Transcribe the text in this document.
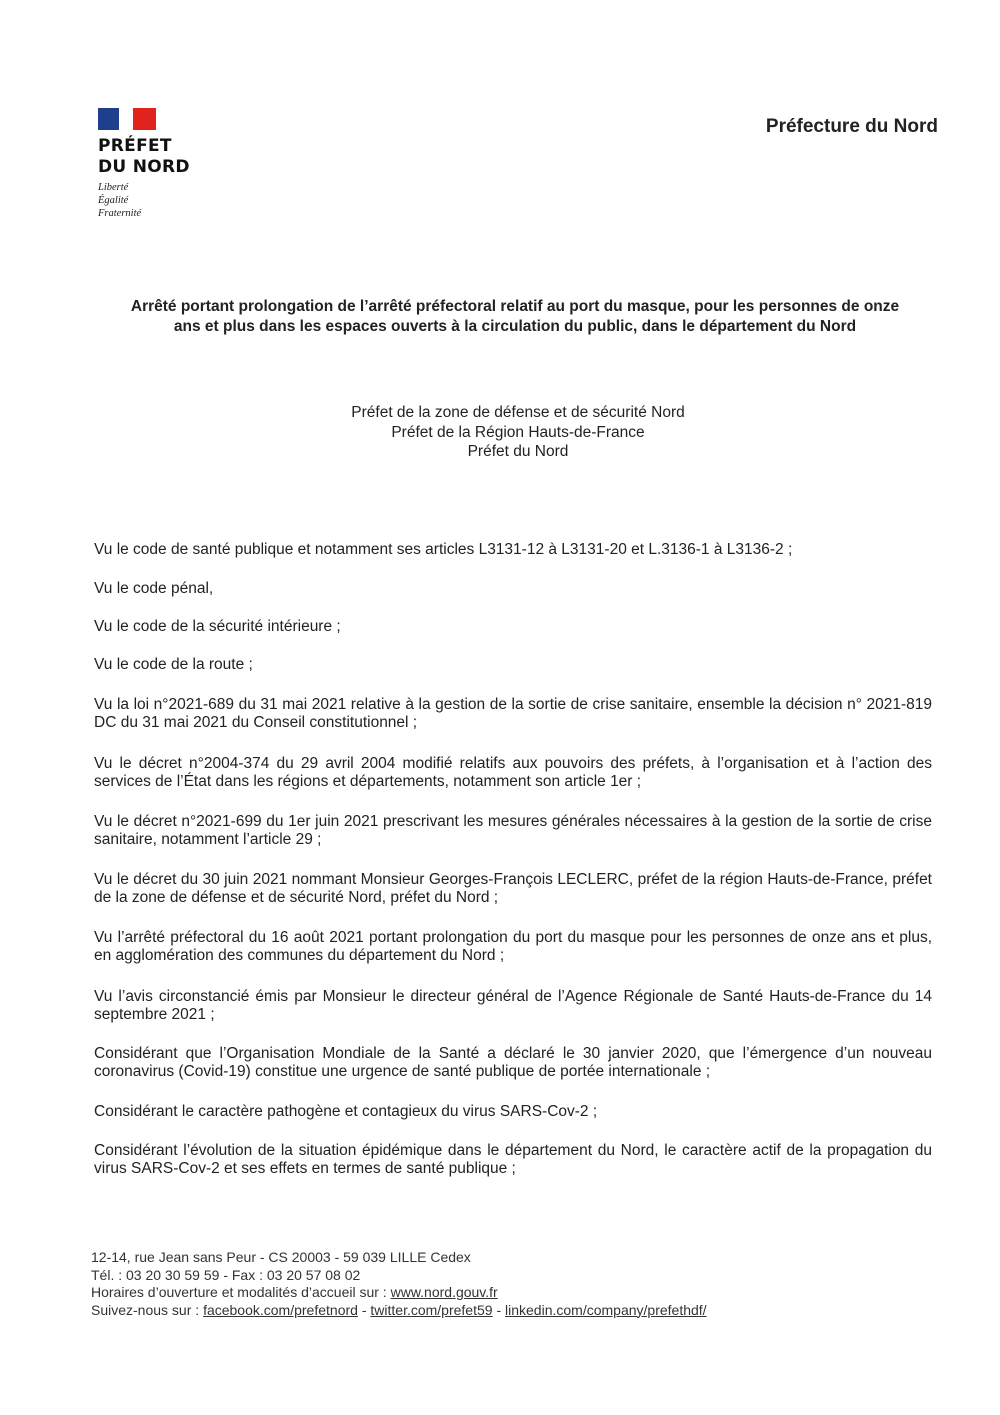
PRÉFET
DU NORD
Liberté
Égalité
Fraternité
Préfecture du Nord
Arrêté portant prolongation de l’arrêté préfectoral relatif au port du masque, pour les personnes de onze
ans et plus dans les espaces ouverts à la circulation du public, dans le département du Nord
Préfet de la zone de défense et de sécurité Nord
Préfet de la Région Hauts-de-France
Préfet du Nord
Vu le code de santé publique et notamment ses articles L3131-12 à L3131-20 et L.3136-1 à L3136-2 ;
Vu le code pénal,
Vu le code de la sécurité intérieure ;
Vu le code de la route ;
Vu la loi n°2021-689 du 31 mai 2021 relative à la gestion de la sortie de crise sanitaire, ensemble la décision n° 2021-819 DC du 31 mai 2021 du Conseil constitutionnel ;
Vu le décret n°2004-374 du 29 avril 2004 modifié relatifs aux pouvoirs des préfets, à l’organisation et à l’action des services de l’État dans les régions et départements, notamment son article 1er ;
Vu le décret n°2021-699 du 1er juin 2021 prescrivant les mesures générales nécessaires à la gestion de la sortie de crise sanitaire, notamment l’article 29 ;
Vu le décret du 30 juin 2021 nommant Monsieur Georges-François LECLERC, préfet de la région Hauts-de-France, préfet de la zone de défense et de sécurité Nord, préfet du Nord ;
Vu l’arrêté préfectoral du 16 août 2021 portant prolongation du port du masque pour les personnes de onze ans et plus, en agglomération des communes du département du Nord ;
Vu l’avis circonstancié émis par Monsieur le directeur général de l’Agence Régionale de Santé Hauts-de-France du 14 septembre 2021 ;
Considérant que l’Organisation Mondiale de la Santé a déclaré le 30 janvier 2020, que l’émergence d’un nouveau coronavirus (Covid-19) constitue une urgence de santé publique de portée internationale ;
Considérant le caractère pathogène et contagieux du virus SARS-Cov-2 ;
Considérant l’évolution de la situation épidémique dans le département du Nord, le caractère actif de la propagation du virus SARS-Cov-2 et ses effets en termes de santé publique ;
12-14, rue Jean sans Peur - CS 20003 - 59 039 LILLE Cedex
Tél. : 03 20 30 59 59 - Fax : 03 20 57 08 02
Horaires d’ouverture et modalités d’accueil sur : www.nord.gouv.fr
Suivez-nous sur : facebook.com/prefetnord - twitter.com/prefet59 - linkedin.com/company/prefethdf/
